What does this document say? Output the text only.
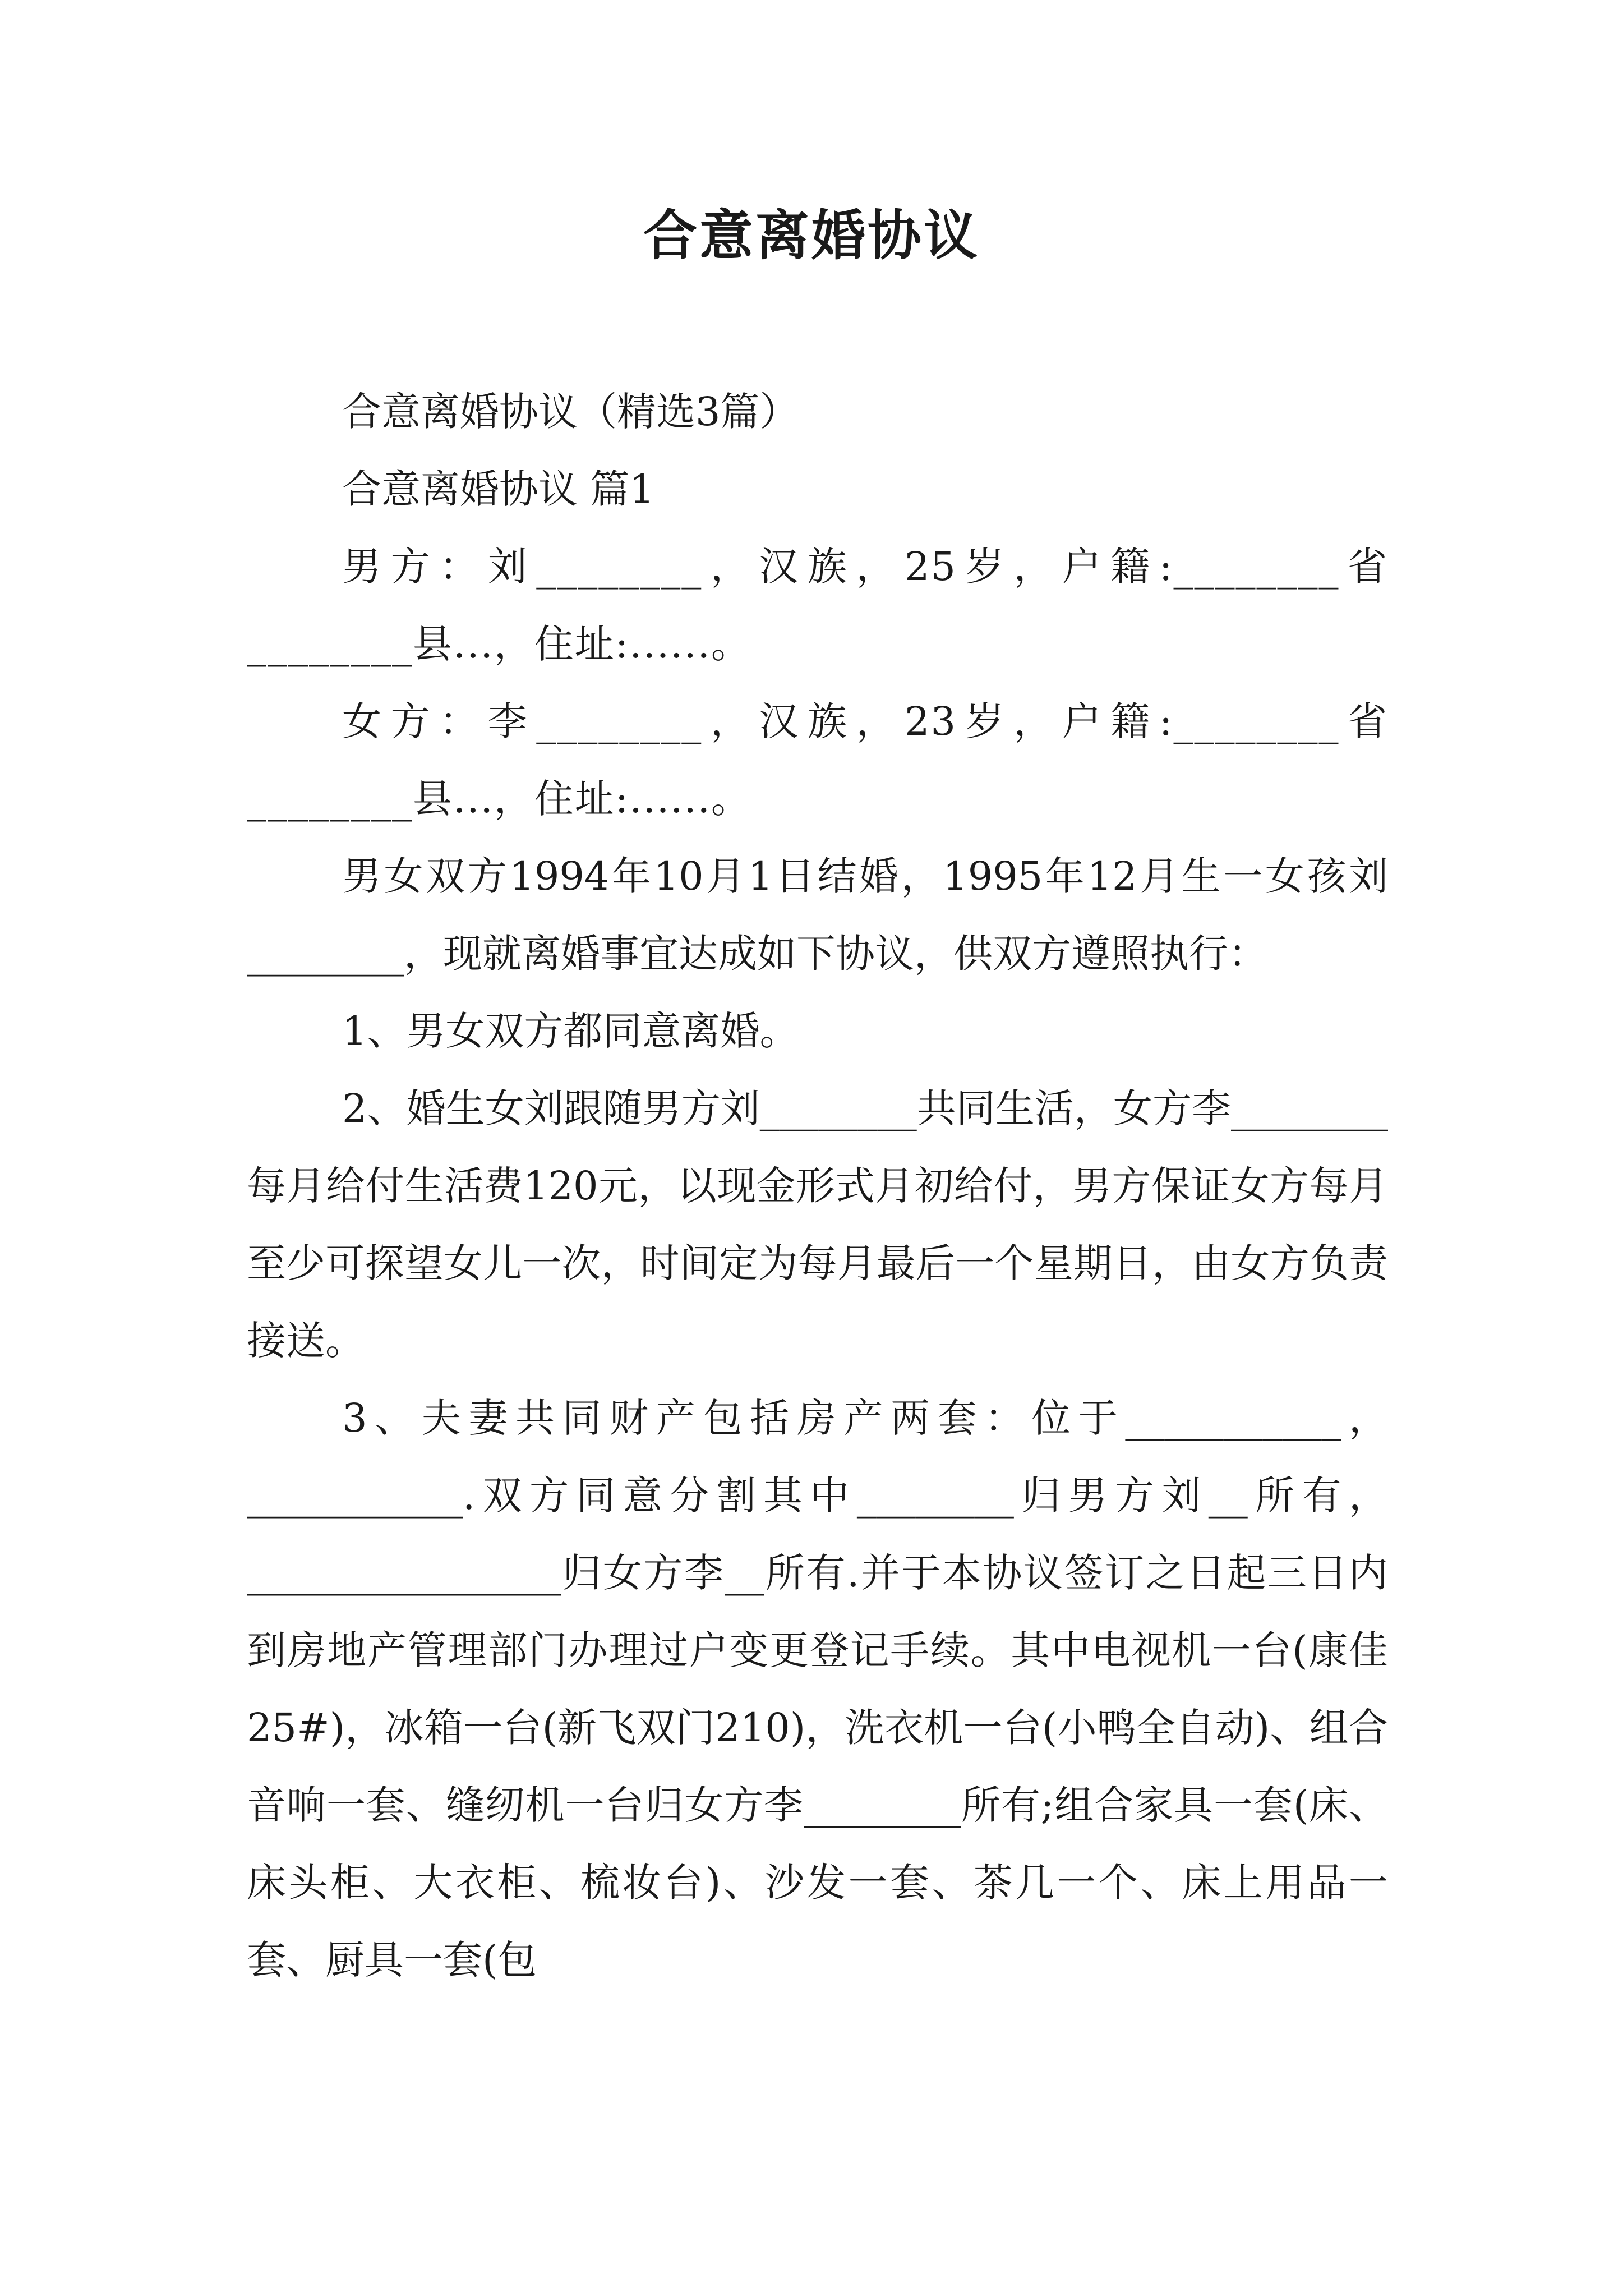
合意离婚协议

合意离婚协议（精选3篇）

合意离婚协议 篇1

男方：刘________，汉族，25岁，户籍:________省________县...，住址:......。

女方：李________，汉族，23岁，户籍:________省________县...，住址:......。

男女双方1994年10月1日结婚，1995年12月生一女孩刘________，现就离婚事宜达成如下协议，供双方遵照执行：

1、男女双方都同意离婚。

2、婚生女刘跟随男方刘________共同生活，女方李________每月给付生活费120元，以现金形式月初给付，男方保证女方每月至少可探望女儿一次，时间定为每月最后一个星期日，由女方负责接送。

3、夫妻共同财产包括房产两套：位于___________，___________.双方同意分割其中________归男方刘__所有，________________归女方李__所有.并于本协议签订之日起三日内到房地产管理部门办理过户变更登记手续。其中电视机一台(康佳25#)，冰箱一台(新飞双门210)，洗衣机一台(小鸭全自动)、组合音响一套、缝纫机一台归女方李________所有;组合家具一套(床、床头柜、大衣柜、梳妆台)、沙发一套、茶几一个、床上用品一套、厨具一套(包
